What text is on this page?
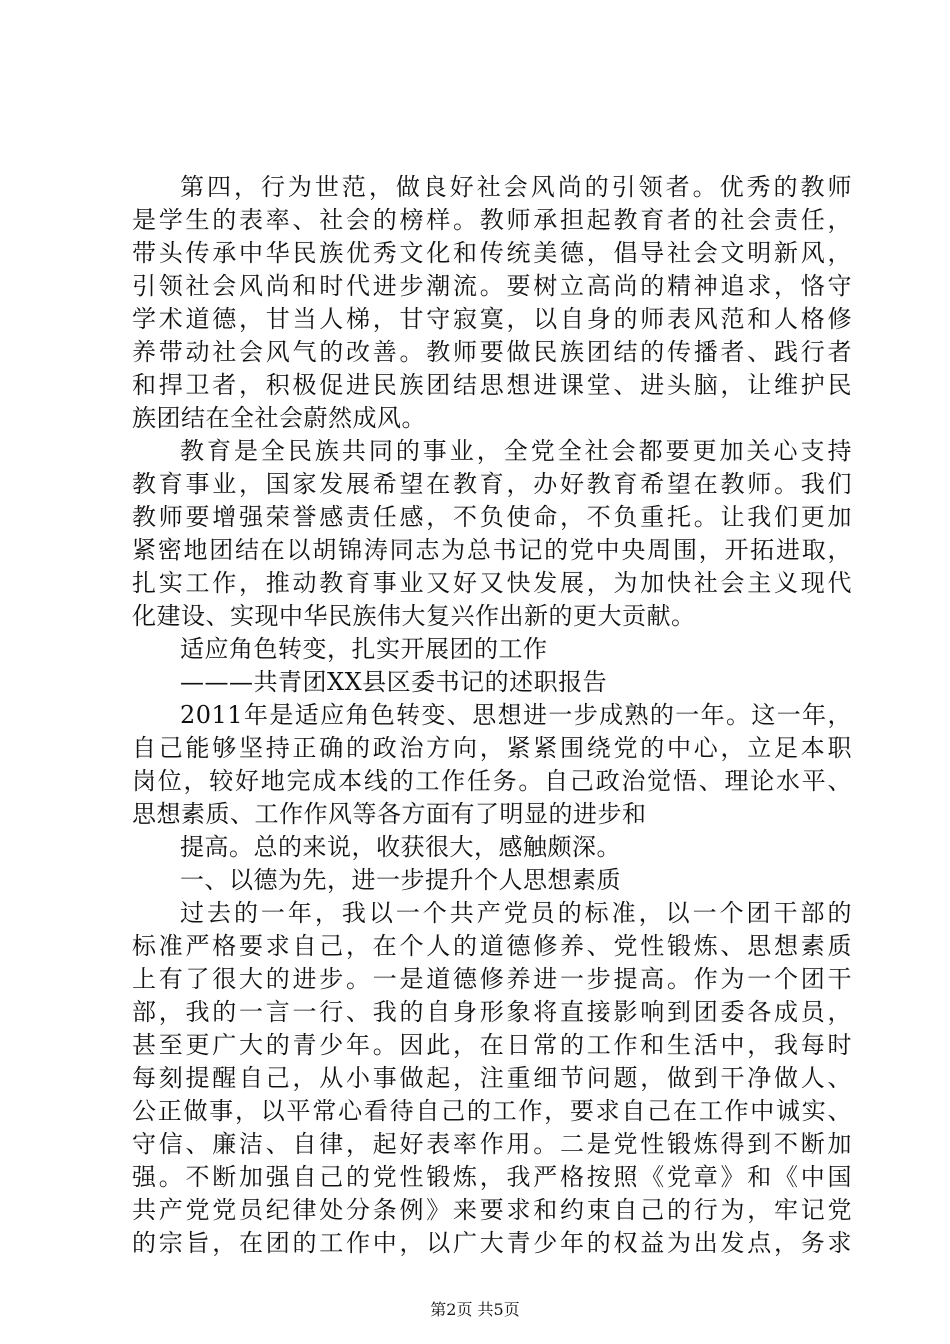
第四，行为世范，做良好社会风尚的引领者。优秀的教师
是学生的表率、社会的榜样。教师承担起教育者的社会责任，
带头传承中华民族优秀文化和传统美德，倡导社会文明新风，
引领社会风尚和时代进步潮流。要树立高尚的精神追求，恪守
学术道德，甘当人梯，甘守寂寞，以自身的师表风范和人格修
养带动社会风气的改善。教师要做民族团结的传播者、践行者
和捍卫者，积极促进民族团结思想进课堂、进头脑，让维护民
族团结在全社会蔚然成风。
教育是全民族共同的事业，全党全社会都要更加关心支持
教育事业，国家发展希望在教育，办好教育希望在教师。我们
教师要增强荣誉感责任感，不负使命，不负重托。让我们更加
紧密地团结在以胡锦涛同志为总书记的党中央周围，开拓进取，
扎实工作，推动教育事业又好又快发展，为加快社会主义现代
化建设、实现中华民族伟大复兴作出新的更大贡献。
适应角色转变，扎实开展团的工作
———共青团XX县区委书记的述职报告
2011年是适应角色转变、思想进一步成熟的一年。这一年，
自己能够坚持正确的政治方向，紧紧围绕党的中心，立足本职
岗位，较好地完成本线的工作任务。自己政治觉悟、理论水平、
思想素质、工作作风等各方面有了明显的进步和
提高。总的来说，收获很大，感触颇深。
一、以德为先，进一步提升个人思想素质
过去的一年，我以一个共产党员的标准，以一个团干部的
标准严格要求自己，在个人的道德修养、党性锻炼、思想素质
上有了很大的进步。一是道德修养进一步提高。作为一个团干
部，我的一言一行、我的自身形象将直接影响到团委各成员，
甚至更广大的青少年。因此，在日常的工作和生活中，我每时
每刻提醒自己，从小事做起，注重细节问题，做到干净做人、
公正做事，以平常心看待自己的工作，要求自己在工作中诚实、
守信、廉洁、自律，起好表率作用。二是党性锻炼得到不断加
强。不断加强自己的党性锻炼，我严格按照《党章》和《中国
共产党党员纪律处分条例》来要求和约束自己的行为，牢记党
的宗旨，在团的工作中，以广大青少年的权益为出发点，务求
第2页 共5页
